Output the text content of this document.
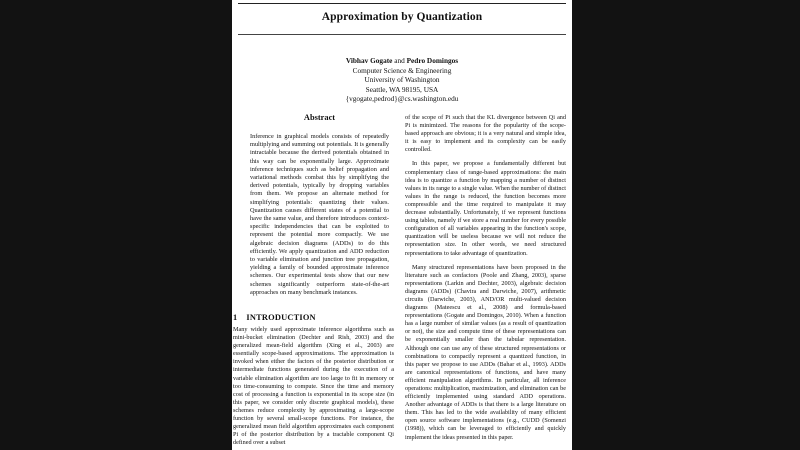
Approximation by Quantization
Vibhav Gogate and Pedro Domingos
Computer Science & Engineering
University of Washington
Seattle, WA 98195, USA
{vgogate,pedrod}@cs.washington.edu
Abstract
Inference in graphical models consists of repeatedly multiplying and summing out potentials. It is generally intractable because the derived potentials obtained in this way can be exponentially large. Approximate inference techniques such as belief propagation and variational methods combat this by simplifying the derived potentials, typically by dropping variables from them. We propose an alternate method for simplifying potentials: quantizing their values. Quantization causes different states of a potential to have the same value, and therefore introduces context-specific independencies that can be exploited to represent the potential more compactly. We use algebraic decision diagrams (ADDs) to do this efficiently. We apply quantization and ADD reduction to variable elimination and junction tree propagation, yielding a family of bounded approximate inference schemes. Our experimental tests show that our new schemes significantly outperform state-of-the-art approaches on many benchmark instances.
1 INTRODUCTION
Many widely used approximate inference algorithms such as mini-bucket elimination (Dechter and Rish, 2003) and the generalized mean-field algorithm (Xing et al., 2003) are essentially scope-based approximations. The approximation is invoked when either the factors of the posterior distribution or intermediate functions generated during the execution of a variable elimination algorithm are too large to fit in memory or too time-consuming to compute. Since the time and memory cost of processing a function is exponential in its scope size (in this paper, we consider only discrete graphical models), these schemes reduce complexity by approximating a large-scope function by several small-scope functions. For instance, the generalized mean field algorithm approximates each component Pi of the posterior distribution by a tractable component Qi defined over a subset

of the scope of Pi such that the KL divergence between Qi and Pi is minimized. The reasons for the popularity of the scope-based approach are obvious; it is a very natural and simple idea, it is easy to implement and its complexity can be easily controlled.

In this paper, we propose a fundamentally different but complementary class of range-based approximations: the main idea is to quantize a function by mapping a number of distinct values in its range to a single value. When the number of distinct values in the range is reduced, the function becomes more compressible and the time required to manipulate it may decrease substantially. Unfortunately, if we represent functions using tables, namely if we store a real number for every possible configuration of all variables appearing in the function's scope, quantization will be useless because we will not reduce the representation size. In other words, we need structured representations to take advantage of quantization.

Many structured representations have been proposed in the literature such as confactors (Poole and Zhang, 2003), sparse representations (Larkin and Dechter, 2003), algebraic decision diagrams (ADDs) (Chavira and Darwiche, 2007), arithmetic circuits (Darwiche, 2003), AND/OR multi-valued decision diagrams (Mateescu et al., 2008) and formula-based representations (Gogate and Domingos, 2010). When a function has a large number of similar values (as a result of quantization or not), the size and compute time of these representations can be exponentially smaller than the tabular representation. Although one can use any of these structured representations or combinations to compactly represent a quantized function, in this paper we propose to use ADDs (Bahar et al., 1993). ADDs are canonical representations of functions, and have many efficient manipulation algorithms. In particular, all inference operations: multiplication, maximization, and elimination can be efficiently implemented using standard ADD operations. Another advantage of ADDs is that there is a large literature on them. This has led to the wide availability of many efficient open source software implementations (e.g., CUDD (Somenzi (1998)), which can be leveraged to efficiently and quickly implement the ideas presented in this paper.
